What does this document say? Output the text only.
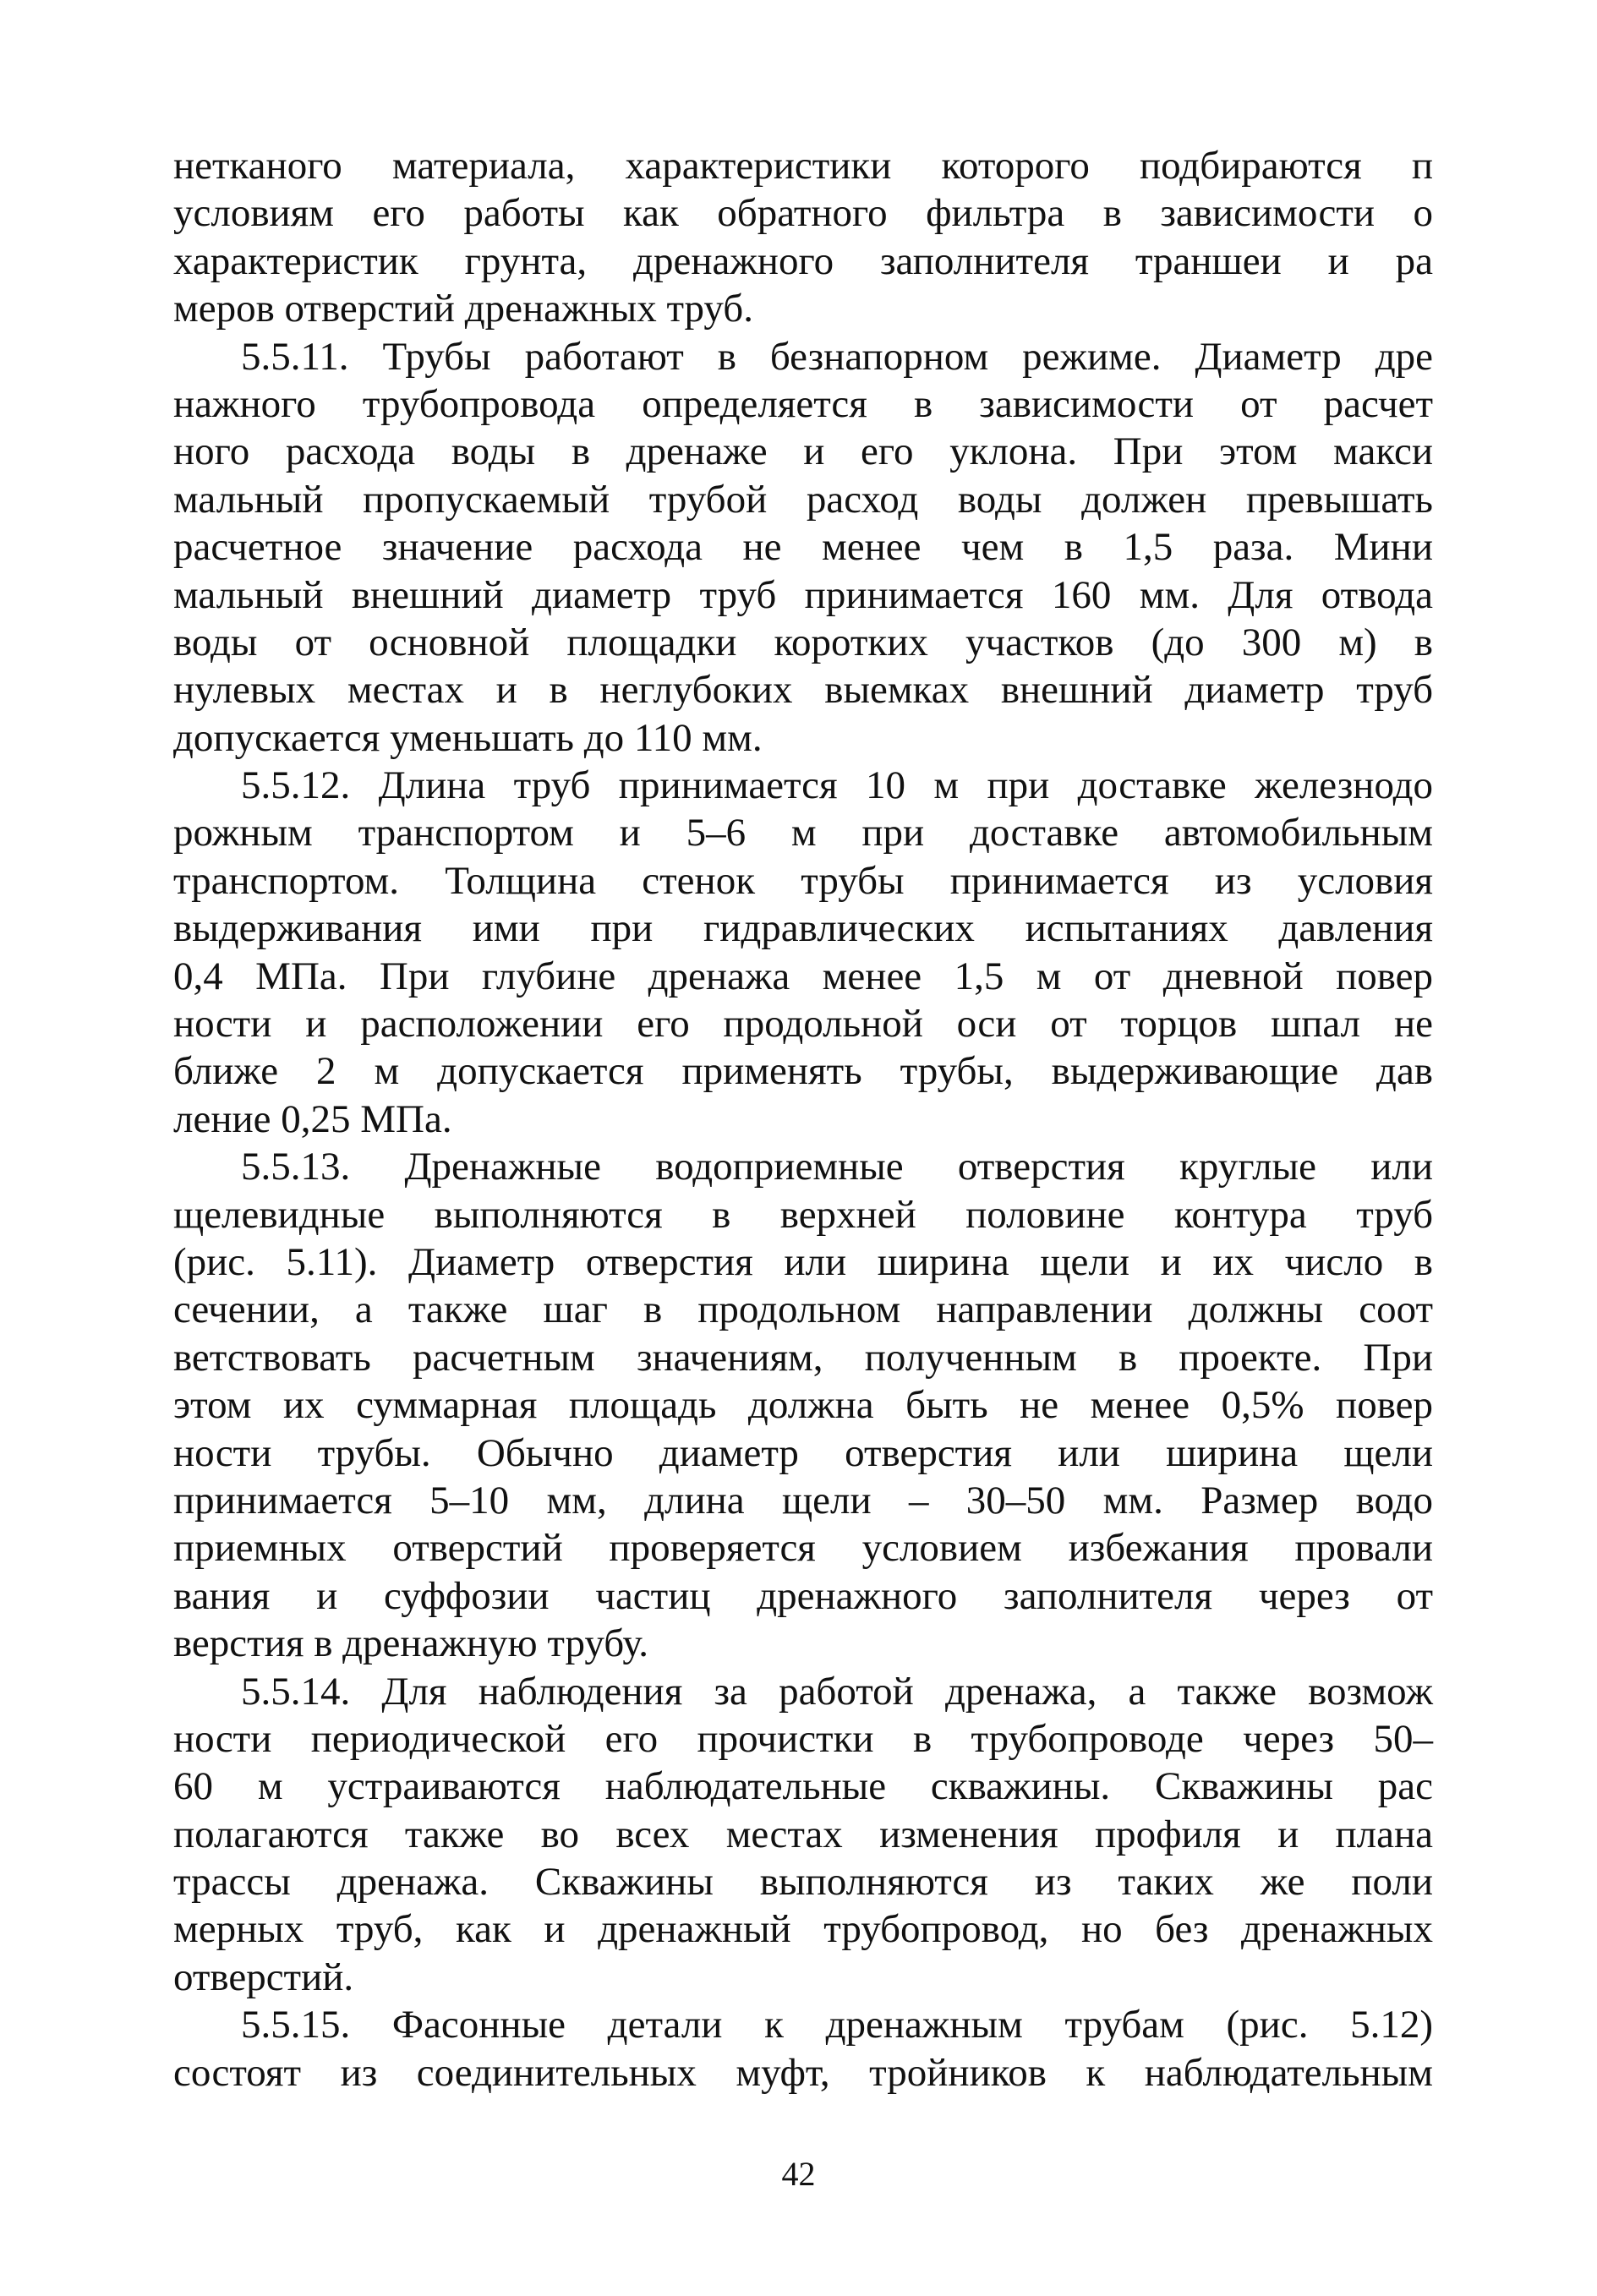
нетканого материала, характеристики которого подбираются п
условиям его работы как обратного фильтра в зависимости о
характеристик грунта, дренажного заполнителя траншеи и ра
меров отверстий дренажных труб.
5.5.11. Трубы работают в безнапорном режиме. Диаметр дре
нажного трубопровода определяется в зависимости от расчет
ного расхода воды в дренаже и его уклона. При этом макси
мальный пропускаемый трубой расход воды должен превышать
расчетное значение расхода не менее чем в 1,5 раза. Мини
мальный внешний диаметр труб принимается 160 мм. Для отвода
воды от основной площадки коротких участков (до 300 м) в
нулевых местах и в неглубоких выемках внешний диаметр труб
допускается уменьшать до 110 мм.
5.5.12. Длина труб принимается 10 м при доставке железнодо
рожным транспортом и 5–6 м при доставке автомобильным
транспортом. Толщина стенок трубы принимается из условия
выдерживания ими при гидравлических испытаниях давления
0,4 МПа. При глубине дренажа менее 1,5 м от дневной повер
ности и расположении его продольной оси от торцов шпал не
ближе 2 м допускается применять трубы, выдерживающие дав
ление 0,25 МПа.
5.5.13. Дренажные водоприемные отверстия круглые или
щелевидные выполняются в верхней половине контура труб
(рис. 5.11). Диаметр отверстия или ширина щели и их число в
сечении, а также шаг в продольном направлении должны соот
ветствовать расчетным значениям, полученным в проекте. При
этом их суммарная площадь должна быть не менее 0,5% повер
ности трубы. Обычно диаметр отверстия или ширина щели
принимается 5–10 мм, длина щели – 30–50 мм. Размер водо
приемных отверстий проверяется условием избежания провали
вания и суффозии частиц дренажного заполнителя через от
верстия в дренажную трубу.
5.5.14. Для наблюдения за работой дренажа, а также возмож
ности периодической его прочистки в трубопроводе через 50–
60 м устраиваются наблюдательные скважины. Скважины рас
полагаются также во всех местах изменения профиля и плана
трассы дренажа. Скважины выполняются из таких же поли
мерных труб, как и дренажный трубопровод, но без дренажных
отверстий.
5.5.15. Фасонные детали к дренажным трубам (рис. 5.12)
состоят из соединительных муфт, тройников к наблюдательным
42
